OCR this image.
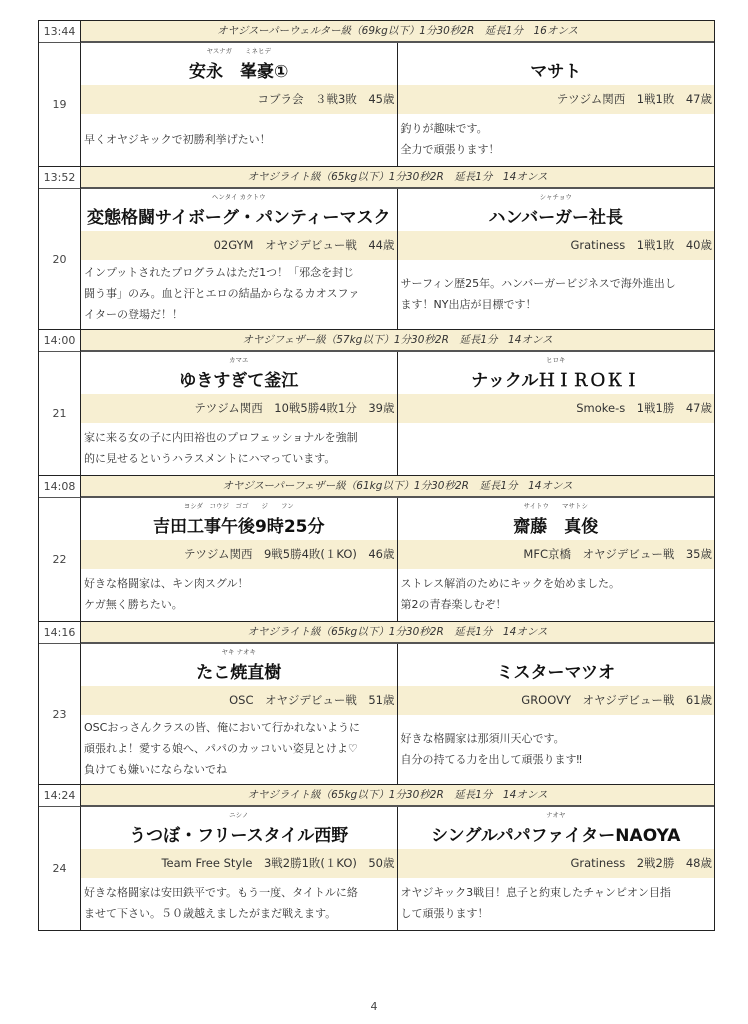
13:44	オヤジスーパーウェルター級（69kg以下）1分30秒2R　延長1分　16オンス
19
ヤスナガ　　ミネヒデ
安永　峯豪①
コブラ会　３戦3敗　45歳
早くオヤジキックで初勝利挙げたい！
マサト
テツジム関西　1戦1敗　47歳
釣りが趣味です。
全力で頑張ります！
13:52	オヤジライト級（65kg以下）1分30秒2R　延長1分　14オンス
20
ヘンタイ カクトウ
変態格闘サイボーグ・パンティーマスク
02GYM　オヤジデビュー戦　44歳
インプットされたプログラムはただ1つ！「邪念を封じ
闘う事」のみ。血と汗とエロの結晶からなるカオスファ
イターの登場だ！！
シャチョウ
ハンバーガー社長
Gratiness　1戦1敗　40歳
サーフィン歴25年。ハンバーガービジネスで海外進出し
ます！NY出店が目標です！
14:00	オヤジフェザー級（57kg以下）1分30秒2R　延長1分　14オンス
21
カマエ
ゆきすぎて釜江
テツジム関西　10戦5勝4敗1分　39歳
家に来る女の子に内田裕也のプロフェッショナルを強制
的に見せるというハラスメントにハマっています。
ヒロキ
ナックルＨＩＲＯＫＩ
Smoke-s　1戦1勝　47歳
14:08	オヤジスーパーフェザー級（61kg以下）1分30秒2R　延長1分　14オンス
22
ヨシダ　コウジ　ゴゴ　　ジ　　フン
吉田工事午後9時25分
テツジム関西　9戦5勝4敗(１KO)　46歳
好きな格闘家は、キン肉スグル！
ケガ無く勝ちたい。
サイトウ　　マサトシ
齋藤　真俊
MFC京橋　オヤジデビュー戦　35歳
ストレス解消のためにキックを始めました。
第2の青春楽しむぞ！
14:16	オヤジライト級（65kg以下）1分30秒2R　延長1分　14オンス
23
ヤキ ナオキ
たこ焼直樹
OSC　オヤジデビュー戦　51歳
OSCおっさんクラスの皆、俺において行かれないように
頑張れよ！愛する娘へ、パパのカッコいい姿見とけよ♡
負けても嫌いにならないでね
ミスターマツオ
GROOVY　オヤジデビュー戦　61歳
好きな格闘家は那須川天心です。
自分の持てる力を出して頑張ります‼
14:24	オヤジライト級（65kg以下）1分30秒2R　延長1分　14オンス
24
ニシノ
うつぼ・フリースタイル西野
Team Free Style　3戦2勝1敗(１KO)　50歳
好きな格闘家は安田鉄平です。もう一度、タイトルに絡
ませて下さい。５０歳越えましたがまだ戦えます。
ナオヤ
シングルパパファイターNAOYA
Gratiness　2戦2勝　48歳
オヤジキック3戦目！息子と約束したチャンピオン目指
して頑張ります！
4
